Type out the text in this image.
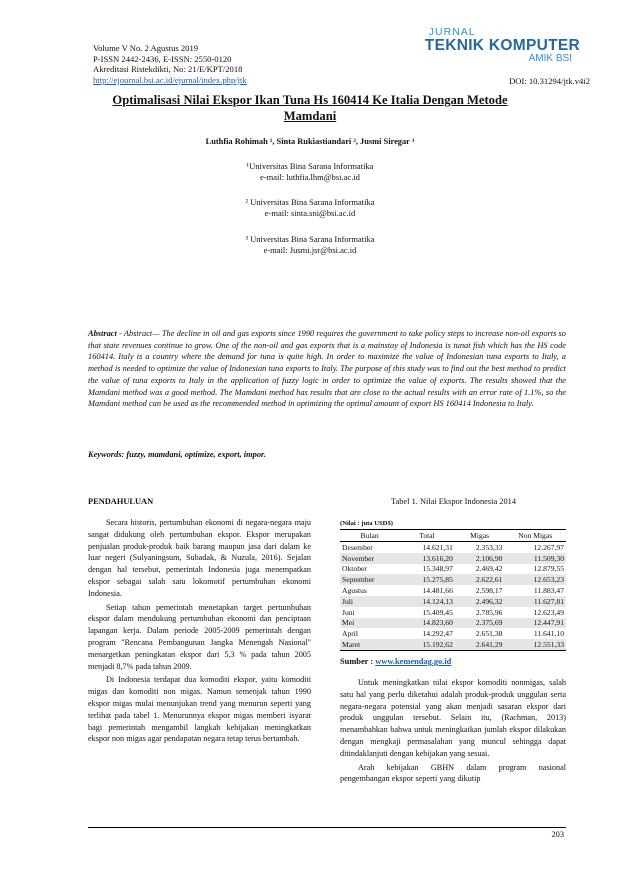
Volume V No. 2 Agustus 2019
P-ISSN 2442-2436, E-ISSN: 2550-0120
Akreditasi Ristekdikti, No: 21/E/KPT/2018
http://ejournal.bsi.ac.id/ejurnal/index.php/jtk
JURNAL
TEKNIK KOMPUTER
AMIK BSI
DOI: 10.31294/jtk.v4i2
Optimalisasi Nilai Ekspor Ikan Tuna Hs 160414 Ke Italia Dengan Metode Mamdani
Luthfia Rohimah ¹, Sinta Rukiastiandari ², Jusmi Siregar ³
¹Universitas Bina Sarana Informatika
e-mail: luthfia.lhm@bsi.ac.id
² Universitas Bina Sarana Informatika
e-mail: sinta.sni@bsi.ac.id
³ Universitas Bina Sarana Informatika
e-mail: Jusmi.jsr@bsi.ac.id
Abstract - Abstract— The decline in oil and gas exports since 1990 requires the government to take policy steps to increase non-oil exports so that state revenues continue to grow. One of the non-oil and gas exports that is a mainstay of Indonesia is tunat fish which has the HS code 160414. Italy is a country where the demand for tuna is quite high. In order to maximize the value of Indonesian tuna exports to Italy, a method is needed to optimize the value of Indonesian tuna exports to Italy. The purpose of this study was to find out the best method to predict the value of tuna exports to Italy in the application of fuzzy logic in order to optimize the value of exports. The results showed that the Mamdani method was a good method. The Mamdani method has results that are close to the actual results with an error rate of 1.1%, so the Mamdani method can be used as the recommended method in optimizing the optimal amount of export HS 160414 Indonesia to Italy.
Keywords: fuzzy, mamdani, optimize, export, impor.
PENDAHULUAN

Secara historis, pertumbuhan ekonomi di negara-negara maju sangat didukung oleh pertumbuhan ekspor. Ekspor merupakan penjualan produk-produk baik barang maupun jasa dari dalam ke luar negeri (Sulyaningsum, Subadak, & Nuzula, 2016). Sejalan dengan hal tersebut, pemerintah Indonesia juga menempatkan ekspor sebagai salah satu lokomotif pertumbuhan ekonomi Indonesia.

Setiap tahun pemerintah menetapkan target pertumbuhan ekspor dalam mendukung pertumbuhan ekonomi dan penciptaan lapangan kerja. Dalam periode 2005-2009 pemerintah dengan program "Rencana Pembangunan Jangka Menengah Nasional" menargetkan peningkatan ekspor dari 5,3 % pada tahun 2005 menjadi 8,7% pada tahun 2009.

Di Indonesia terdapat dua komoditi ekspor, yaitu komoditi migas dan komoditi non migas. Namun semenjak tahun 1990 ekspor migas mulai menunjukan trend yang menurun seperti yang terlihat pada tabel 1. Menurunnya ekspor migas memberi isyarat bagi pemerintah mengambil langkah kebijakan meningkatkan ekspor non migas agar pendapatan negara tetap terus bertambah.

Tabel 1. Nilai Ekspor Indonesia 2014
(Nilai : juta USD$)
Bulan	Total	Migas	Non Migas
Desember	14.621,31	2.353,33	12.267,97
November	13.616,20	2.106,90	11.509,30
Oktober	15.348,97	2.469,42	12.879,55
September	15.275,85	2.622,61	12.653,23
Agustus	14.481,66	2.598,17	11.883,47
Juli	14.124,13	2.496,32	11.627,81
Juni	15.409,45	2.785,96	12.623,49
Mei	14.823,60	2.375,69	12.447,91
April	14.292,47	2.651,38	11.641,10
Maret	15.192,62	2.641,29	12.551,33
Sumber : www.kemendag.go.id

Untuk meningkatkan nilai ekspor komoditi nonmigas, salah satu hal yang perlu diketahui adalah produk-produk unggulan serta negara-negara potensial yang akan menjadi sasaran ekspor dari produk unggulan tersebut. Selain itu, (Rachman, 2013) menambahkan bahwa untuk meningkatkan jumlah ekspor dilakukan dengan mengkaji permasalahan yang muncul sehingga dapat ditindaklanjuti dengan kebijakan yang sesuai.

Arah kebijakan GBHN dalam program nasional pengembangan ekspor seperti yang dikutip

203
